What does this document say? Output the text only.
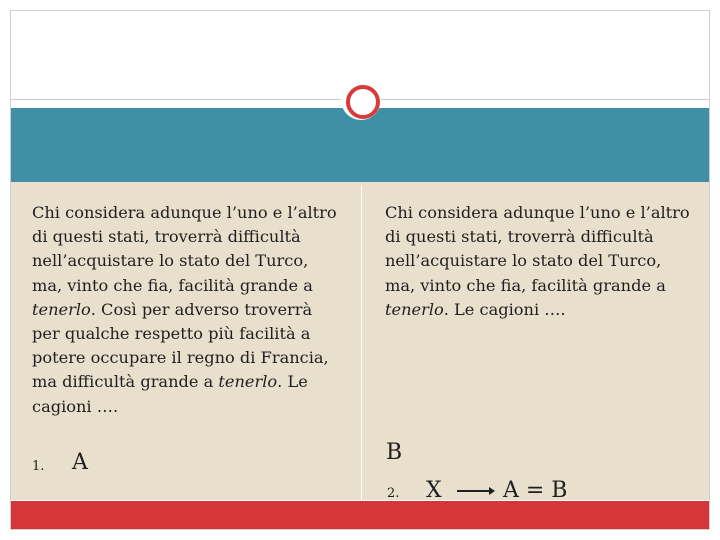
Chi considera adunque l’uno e l’altro di questi stati, troverrà difficultà nell’acquistare lo stato del Turco, ma, vinto che fia, facilità grande a tenerlo. Così per adverso troverrà per qualche respetto più facilità a potere occupare il regno di Francia, ma difficultà grande a tenerlo. Le cagioni ….

1. A

Chi considera adunque l’uno e l’altro di questi stati, troverrà difficultà nell’acquistare lo stato del Turco, ma, vinto che fia, facilità grande a tenerlo. Le cagioni ….

B
2. X	A = B
